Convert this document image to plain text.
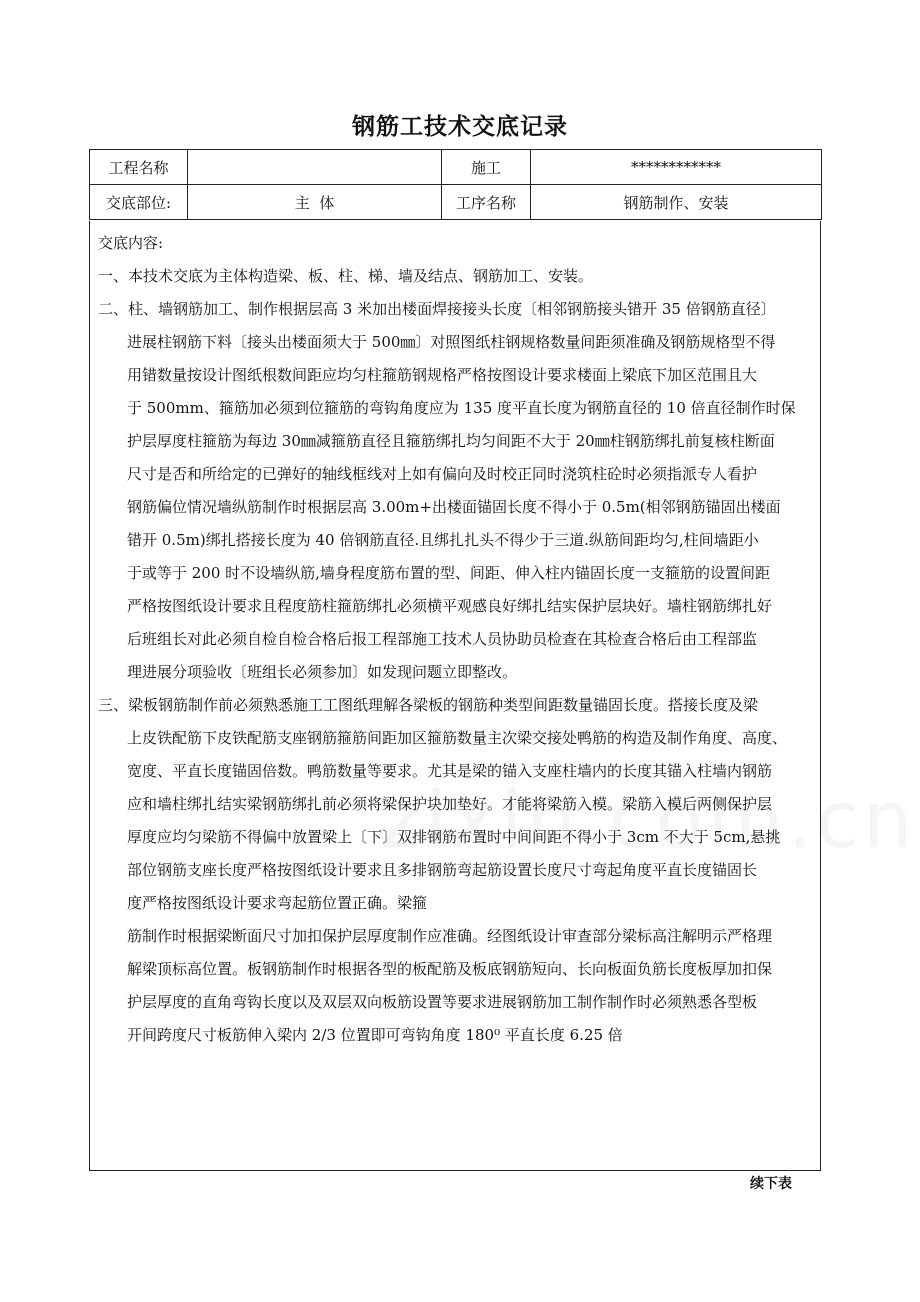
钢筋工技术交底记录
工程名称		施工	************
交底部位:	主  体	工序名称	钢筋制作、安装
交底内容:
一、本技术交底为主体构造梁、板、柱、梯、墙及结点、钢筋加工、安装。
二、柱、墙钢筋加工、制作根据层高 3 米加出楼面焊接接头长度〔相邻钢筋接头错开 35 倍钢筋直径〕
进展柱钢筋下料〔接头出楼面须大于 500㎜〕对照图纸柱钢规格数量间距须准确及钢筋规格型不得
用错数量按设计图纸根数间距应均匀柱箍筋钢规格严格按图设计要求楼面上梁底下加区范围且大
于 500mm、箍筋加必须到位箍筋的弯钩角度应为 135 度平直长度为钢筋直径的 10 倍直径制作时保
护层厚度柱箍筋为每边 30㎜减箍筋直径且箍筋绑扎均匀间距不大于 20㎜柱钢筋绑扎前复核柱断面
尺寸是否和所给定的已弹好的轴线框线对上如有偏向及时校正同时浇筑柱砼时必须指派专人看护
钢筋偏位情况墙纵筋制作时根据层高 3.00m+出楼面锚固长度不得小于 0.5m(相邻钢筋锚固出楼面
错开 0.5m)绑扎搭接长度为 40 倍钢筋直径.且绑扎扎头不得少于三道.纵筋间距均匀,柱间墙距小
于或等于 200 时不设墙纵筋,墙身程度筋布置的型、间距、伸入柱内锚固长度一支箍筋的设置间距
严格按图纸设计要求且程度筋柱箍筋绑扎必须横平观感良好绑扎结实保护层块好。墙柱钢筋绑扎好
后班组长对此必须自检自检合格后报工程部施工技术人员协助员检查在其检查合格后由工程部监
理进展分项验收〔班组长必须参加〕如发现问题立即整改。
三、梁板钢筋制作前必须熟悉施工工图纸理解各梁板的钢筋种类型间距数量锚固长度。搭接长度及梁
上皮铁配筋下皮铁配筋支座钢筋箍筋间距加区箍筋数量主次梁交接处鸭筋的构造及制作角度、高度、
宽度、平直长度锚固倍数。鸭筋数量等要求。尤其是梁的锚入支座柱墙内的长度其锚入柱墙内钢筋
应和墙柱绑扎结实梁钢筋绑扎前必须将梁保护块加垫好。才能将梁筋入模。梁筋入模后两侧保护层
厚度应均匀梁筋不得偏中放置梁上〔下〕双排钢筋布置时中间间距不得小于 3cm 不大于 5cm,悬挑
部位钢筋支座长度严格按图纸设计要求且多排钢筋弯起筋设置长度尺寸弯起角度平直长度锚固长
度严格按图纸设计要求弯起筋位置正确。梁箍
筋制作时根据梁断面尺寸加扣保护层厚度制作应准确。经图纸设计审查部分梁标高注解明示严格理
解梁顶标高位置。板钢筋制作时根据各型的板配筋及板底钢筋短向、长向板面负筋长度板厚加扣保
护层厚度的直角弯钩长度以及双层双向板筋设置等要求进展钢筋加工制作制作时必须熟悉各型板
开间跨度尺寸板筋伸入梁内 2/3 位置即可弯钩角度 180⁰ 平直长度 6.25 倍
续下表
